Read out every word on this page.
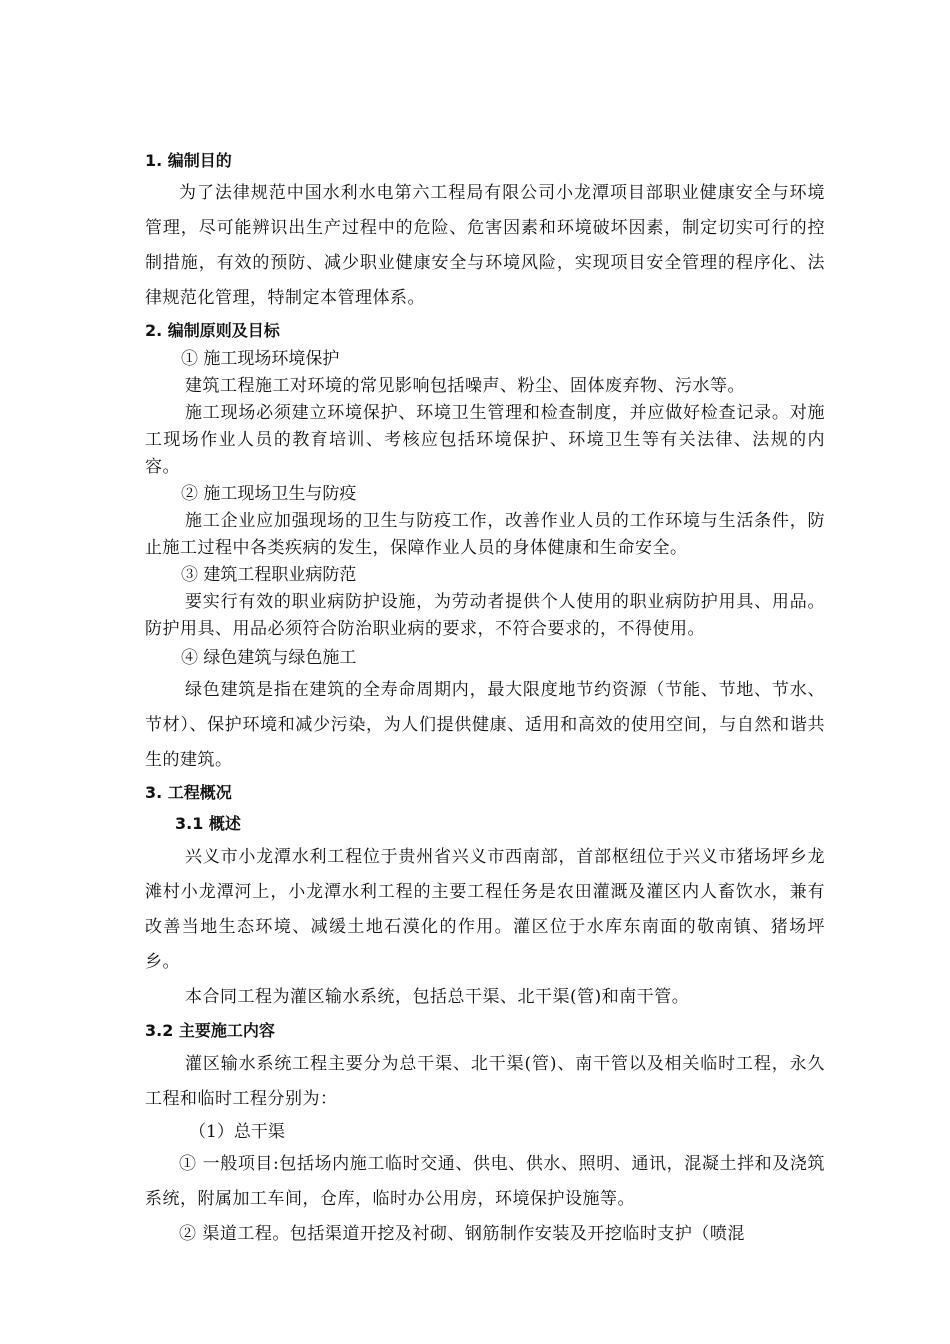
1. 编制目的
为了法律规范中国水利水电第六工程局有限公司小龙潭项目部职业健康安全与环境管理，尽可能辨识出生产过程中的危险、危害因素和环境破坏因素，制定切实可行的控制措施，有效的预防、减少职业健康安全与环境风险，实现项目安全管理的程序化、法律规范化管理，特制定本管理体系。
2. 编制原则及目标
① 施工现场环境保护
建筑工程施工对环境的常见影响包括噪声、粉尘、固体废弃物、污水等。
施工现场必须建立环境保护、环境卫生管理和检查制度，并应做好检查记录。对施工现场作业人员的教育培训、考核应包括环境保护、环境卫生等有关法律、法规的内容。
② 施工现场卫生与防疫
施工企业应加强现场的卫生与防疫工作，改善作业人员的工作环境与生活条件，防止施工过程中各类疾病的发生，保障作业人员的身体健康和生命安全。
③ 建筑工程职业病防范
要实行有效的职业病防护设施，为劳动者提供个人使用的职业病防护用具、用品。防护用具、用品必须符合防治职业病的要求，不符合要求的，不得使用。
④ 绿色建筑与绿色施工
绿色建筑是指在建筑的全寿命周期内，最大限度地节约资源（节能、节地、节水、节材）、保护环境和减少污染，为人们提供健康、适用和高效的使用空间，与自然和谐共生的建筑。
3. 工程概况
3.1 概述
兴义市小龙潭水利工程位于贵州省兴义市西南部，首部枢纽位于兴义市猪场坪乡龙滩村小龙潭河上，小龙潭水利工程的主要工程任务是农田灌溉及灌区内人畜饮水，兼有改善当地生态环境、减缓土地石漠化的作用。灌区位于水库东南面的敬南镇、猪场坪乡。
本合同工程为灌区输水系统，包括总干渠、北干渠(管)和南干管。
3.2 主要施工内容
灌区输水系统工程主要分为总干渠、北干渠(管)、南干管以及相关临时工程，永久工程和临时工程分别为：
（1）总干渠
① 一般项目:包括场内施工临时交通、供电、供水、照明、通讯，混凝土拌和及浇筑系统，附属加工车间，仓库，临时办公用房，环境保护设施等。
② 渠道工程。包括渠道开挖及衬砌、钢筋制作安装及开挖临时支护（喷混
